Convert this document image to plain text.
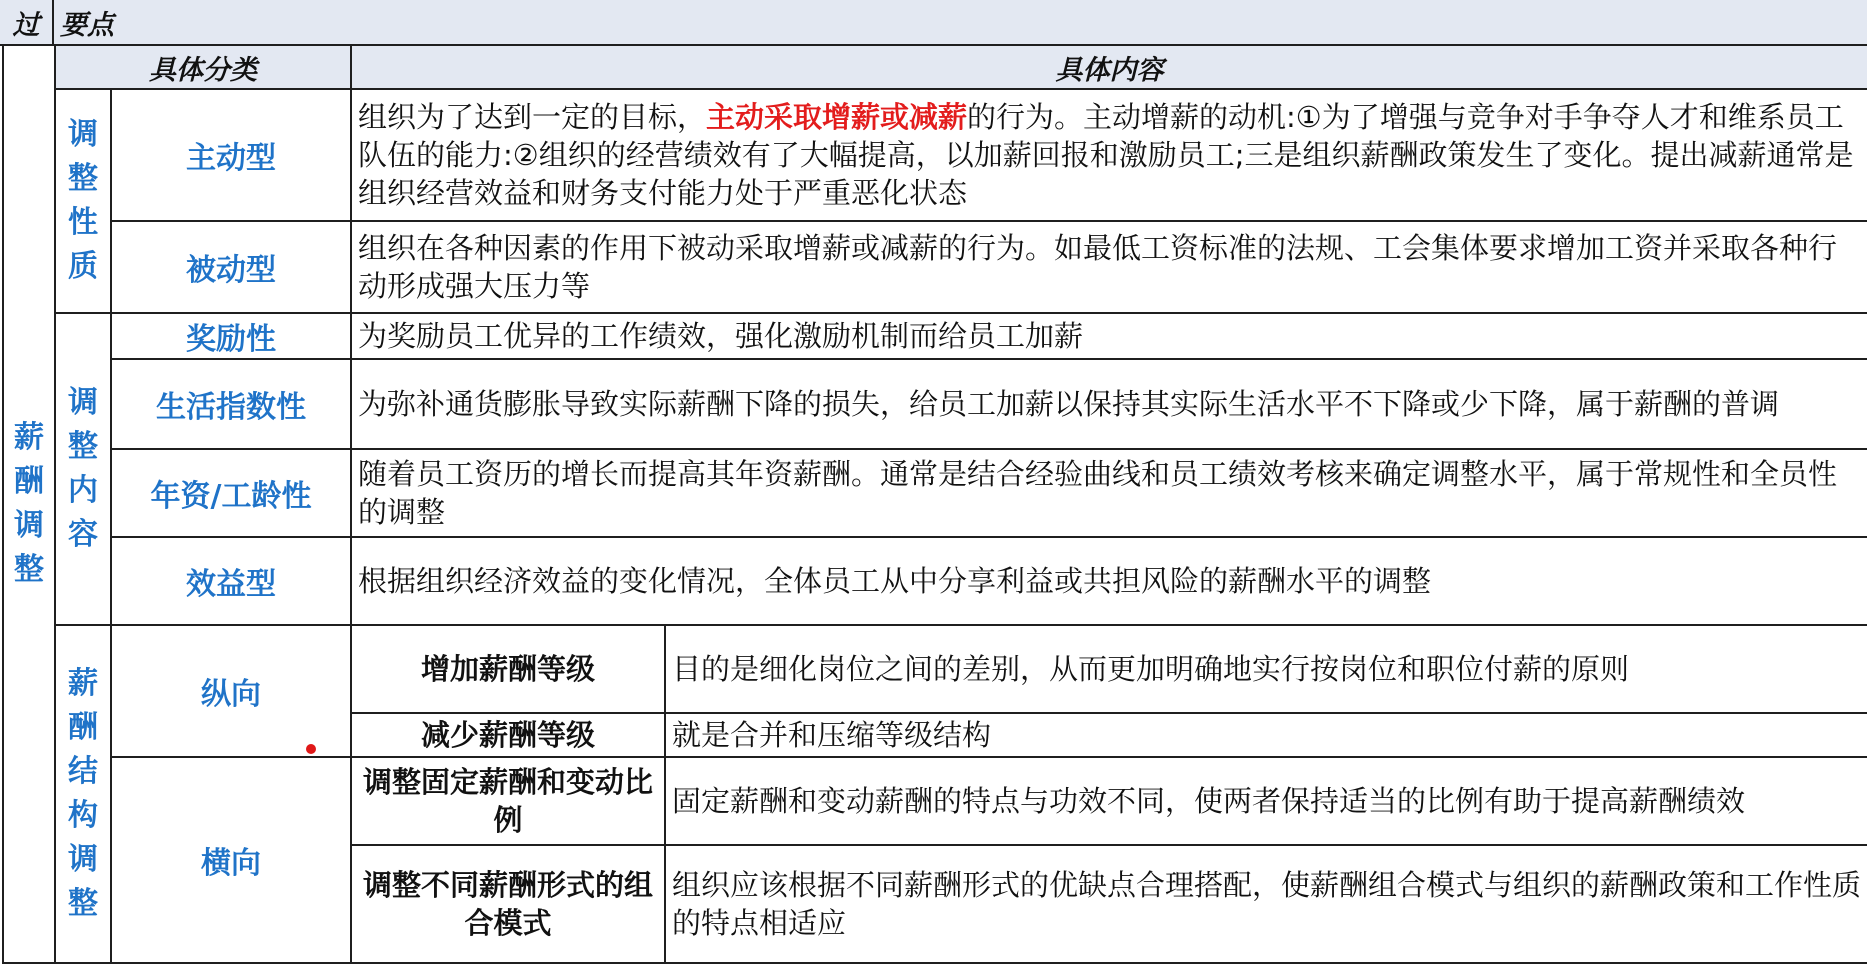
过 要点
薪酬调整	具体分类		具体内容	

	调整性质	主动型	组织为了达到一定的目标，主动采取增薪或减薪的行为。主动增薪的动机:①为了增强与竞争对手争夺人才和维系员工队伍的能力:②组织的经营绩效有了大幅提高，以加薪回报和激励员工;三是组织薪酬政策发生了变化。提出减薪通常是组织经营效益和财务支付能力处于严重恶化状态	
		被动型	组织在各种因素的作用下被动采取增薪或减薪的行为。如最低工资标准的法规、工会集体要求增加工资并采取各种行动形成强大压力等	

	调整内容	奖励性	为奖励员工优异的工作绩效，强化激励机制而给员工加薪	
		生活指数性	为弥补通货膨胀导致实际薪酬下降的损失，给员工加薪以保持其实际生活水平不下降或少下降，属于薪酬的普调	
		年资/工龄性	随着员工资历的增长而提高其年资薪酬。通常是结合经验曲线和员工绩效考核来确定调整水平，属于常规性和全员性的调整	
		效益型	根据组织经济效益的变化情况，全体员工从中分享利益或共担风险的薪酬水平的调整	

	薪酬结构调整	纵向	增加薪酬等级	目的是细化岗位之间的差别，从而更加明确地实行按岗位和职位付薪的原则
			减少薪酬等级	就是合并和压缩等级结构
		横向	调整固定薪酬和变动比例	固定薪酬和变动薪酬的特点与功效不同，使两者保持适当的比例有助于提高薪酬绩效
			调整不同薪酬形式的组合模式	组织应该根据不同薪酬形式的优缺点合理搭配，使薪酬组合模式与组织的薪酬政策和工作性质的特点相适应
